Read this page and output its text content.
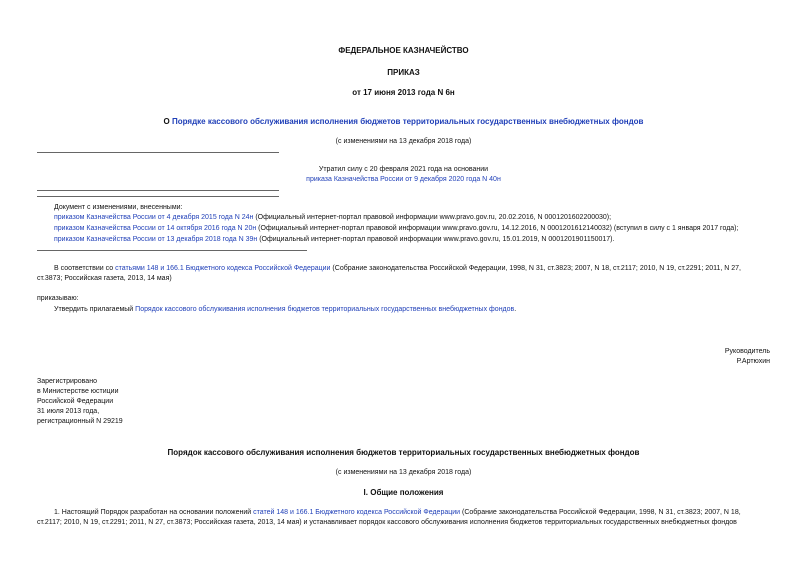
ФЕДЕРАЛЬНОЕ КАЗНАЧЕЙСТВО
ПРИКАЗ
от 17 июня 2013 года N 6н
О Порядке кассового обслуживания исполнения бюджетов территориальных государственных внебюджетных фондов
(с изменениями на 13 декабря 2018 года)
Утратил силу с 20 февраля 2021 года на основании
приказа Казначейства России от 9 декабря 2020 года N 40н
Документ с изменениями, внесенными:
приказом Казначейства России от 4 декабря 2015 года N 24н (Официальный интернет-портал правовой информации www.pravo.gov.ru, 20.02.2016, N 0001201602200030);
приказом Казначейства России от 14 октября 2016 года N 20н (Официальный интернет-портал правовой информации www.pravo.gov.ru, 14.12.2016, N 0001201612140032) (вступил в силу с 1 января 2017 года);
приказом Казначейства России от 13 декабря 2018 года N 39н (Официальный интернет-портал правовой информации www.pravo.gov.ru, 15.01.2019, N 0001201901150017).
В соответствии со статьями 148 и 166.1 Бюджетного кодекса Российской Федерации (Собрание законодательства Российской Федерации, 1998, N 31, ст.3823; 2007, N 18, ст.2117; 2010, N 19, ст.2291; 2011, N 27,
ст.3873; Российская газета, 2013, 14 мая)
приказываю:
Утвердить прилагаемый Порядок кассового обслуживания исполнения бюджетов территориальных государственных внебюджетных фондов.
Руководитель
Р.Артюхин
Зарегистрировано
в Министерстве юстиции
Российской Федерации
31 июля 2013 года,
регистрационный N 29219
Порядок кассового обслуживания исполнения бюджетов территориальных государственных внебюджетных фондов
(с изменениями на 13 декабря 2018 года)
I. Общие положения
1. Настоящий Порядок разработан на основании положений статей 148 и 166.1 Бюджетного кодекса Российской Федерации (Собрание законодательства Российской Федерации, 1998, N 31, ст.3823; 2007, N 18,
ст.2117; 2010, N 19, ст.2291; 2011, N 27, ст.3873; Российская газета, 2013, 14 мая) и устанавливает порядок кассового обслуживания исполнения бюджетов территориальных государственных внебюджетных фондов
